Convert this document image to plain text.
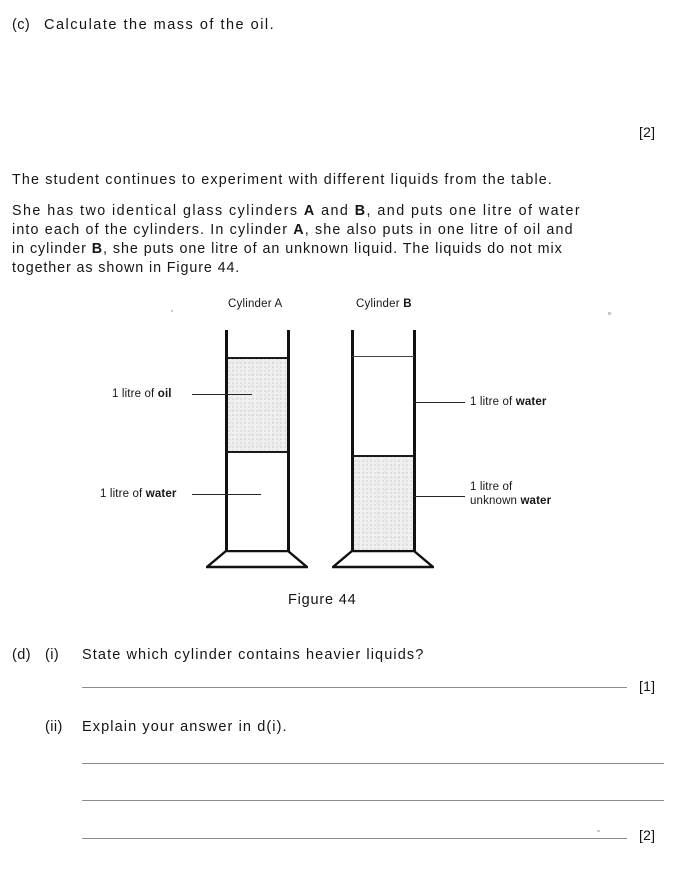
(c) Calculate the mass of the oil.
[2]
The student continues to experiment with different liquids from the table.
She has two identical glass cylinders A and B, and puts one litre of water
into each of the cylinders. In cylinder A, she also puts in one litre of oil and
in cylinder B, she puts one litre of an unknown liquid. The liquids do not mix
together as shown in Figure 44.
Cylinder A
1 litre of oil
1 litre of water
Cylinder B
1 litre of water
1 litre of
unknown water
Figure 44
(d) (i) State which cylinder contains heavier liquids?
[1]
(ii) Explain your answer in d(i).
[2]
